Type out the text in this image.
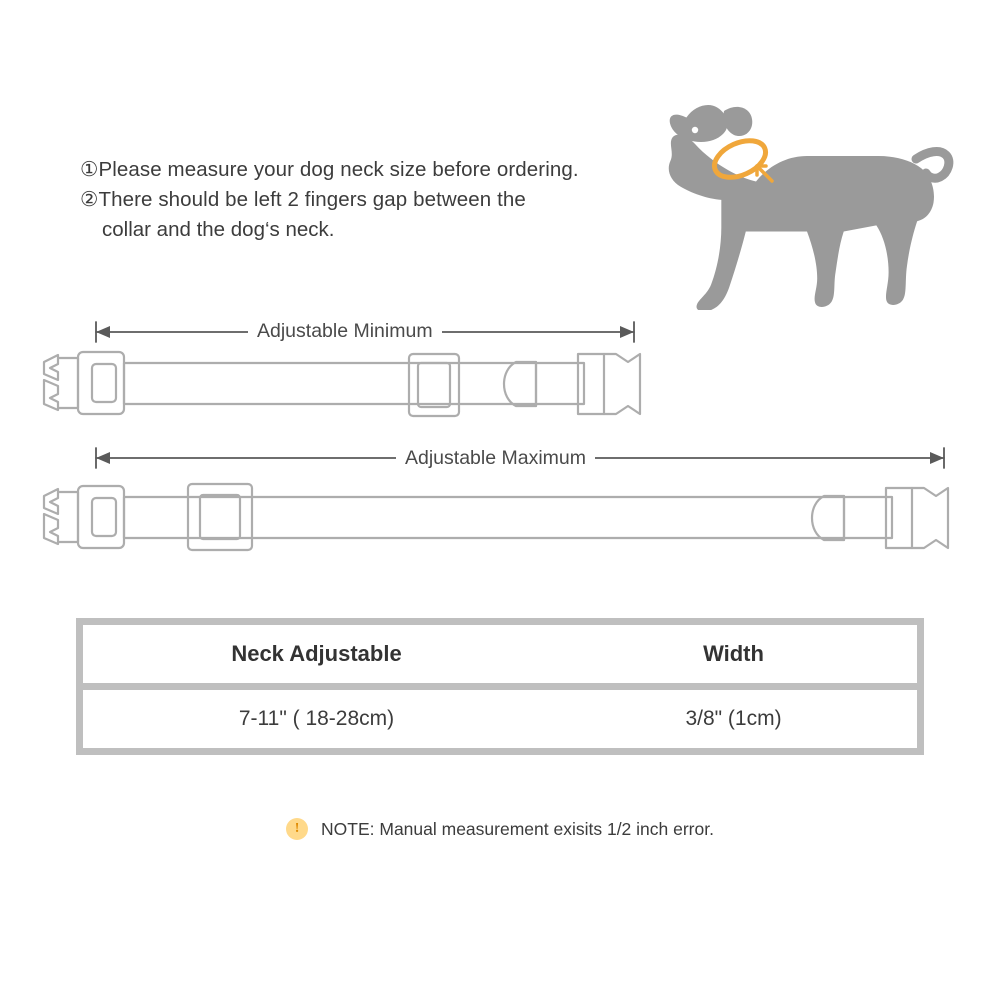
①Please measure your dog neck size before ordering.
②There should be left 2 fingers gap between the
collar and the dog‘s neck.
Adjustable Minimum
Adjustable Maximum
Neck Adjustable	Width
7-11" ( 18-28cm)	3/8" (1cm)
!	NOTE: Manual measurement exisits 1/2 inch error.
